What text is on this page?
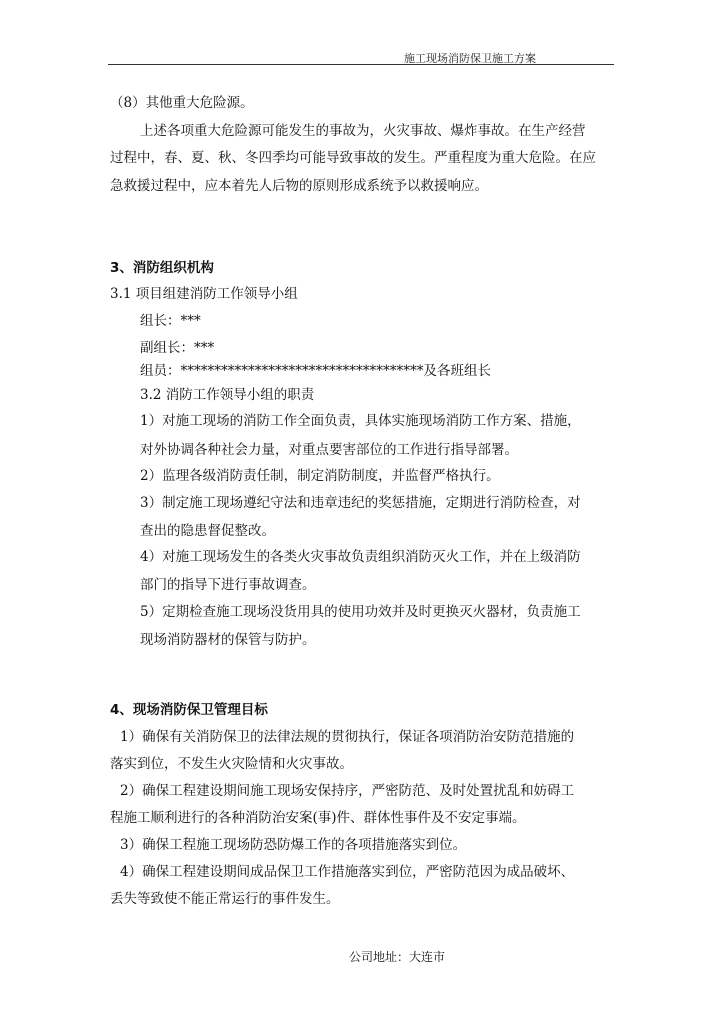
施工现场消防保卫施工方案
（8）其他重大危险源。
上述各项重大危险源可能发生的事故为，火灾事故、爆炸事故。在生产经营
过程中，春、夏、秋、冬四季均可能导致事故的发生。严重程度为重大危险。在应
急救援过程中，应本着先人后物的原则形成系统予以救援响应。
3、消防组织机构
3.1 项目组建消防工作领导小组
组长：***
副组长：***
组员：************************************及各班组长
3.2 消防工作领导小组的职责
1）对施工现场的消防工作全面负责，具体实施现场消防工作方案、措施，
对外协调各种社会力量，对重点要害部位的工作进行指导部署。
2）监理各级消防责任制，制定消防制度，并监督严格执行。
3）制定施工现场遵纪守法和违章违纪的奖惩措施，定期进行消防检查，对
查出的隐患督促整改。
4）对施工现场发生的各类火灾事故负责组织消防灭火工作，并在上级消防
部门的指导下进行事故调查。
5）定期检查施工现场没货用具的使用功效并及时更换灭火器材，负责施工
现场消防器材的保管与防护。
4、现场消防保卫管理目标
1）确保有关消防保卫的法律法规的贯彻执行，保证各项消防治安防范措施的
落实到位，不发生火灾险情和火灾事故。
2）确保工程建设期间施工现场安保持序，严密防范、及时处置扰乱和妨碍工
程施工顺利进行的各种消防治安案(事)件、群体性事件及不安定事端。
3）确保工程施工现场防恐防爆工作的各项措施落实到位。
4）确保工程建设期间成品保卫工作措施落实到位，严密防范因为成品破坏、
丢失等致使不能正常运行的事件发生。
公司地址：大连市
